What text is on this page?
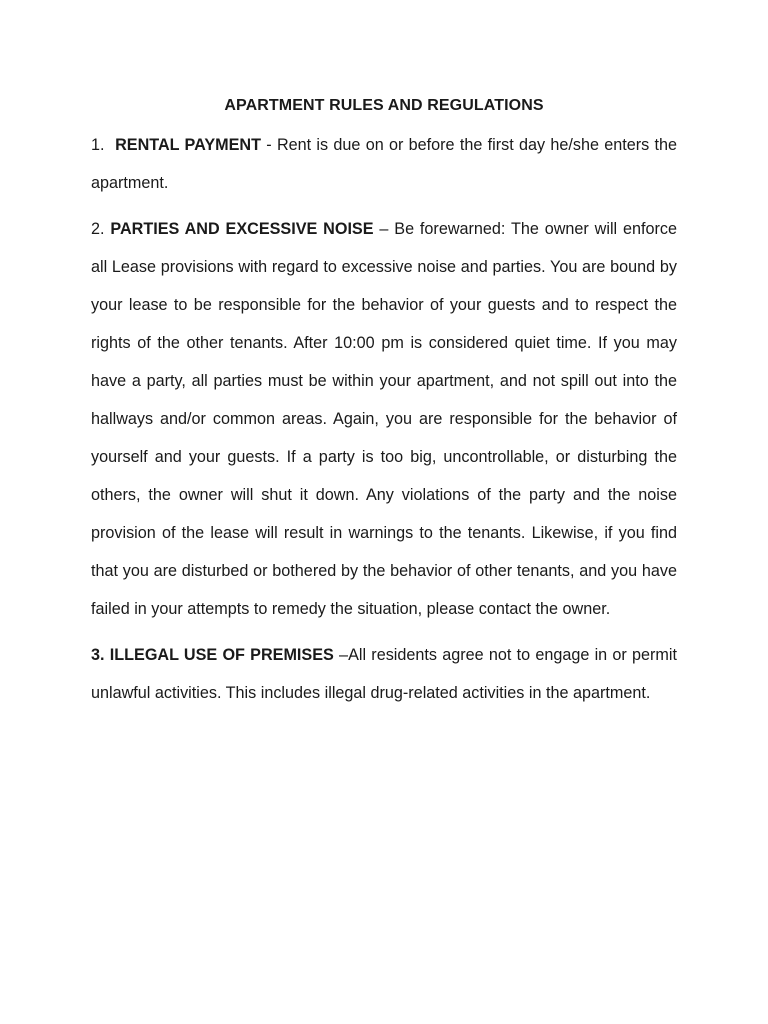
APARTMENT RULES AND REGULATIONS

1. RENTAL PAYMENT - Rent is due on or before the first day he/she enters the apartment.

2. PARTIES AND EXCESSIVE NOISE – Be forewarned: The owner will enforce all Lease provisions with regard to excessive noise and parties. You are bound by your lease to be responsible for the behavior of your guests and to respect the rights of the other tenants. After 10:00 pm is considered quiet time. If you may have a party, all parties must be within your apartment, and not spill out into the hallways and/or common areas. Again, you are responsible for the behavior of yourself and your guests. If a party is too big, uncontrollable, or disturbing the others, the owner will shut it down. Any violations of the party and the noise provision of the lease will result in warnings to the tenants. Likewise, if you find that you are disturbed or bothered by the behavior of other tenants, and you have failed in your attempts to remedy the situation, please contact the owner.

3. ILLEGAL USE OF PREMISES –All residents agree not to engage in or permit unlawful activities. This includes illegal drug-related activities in the apartment.
